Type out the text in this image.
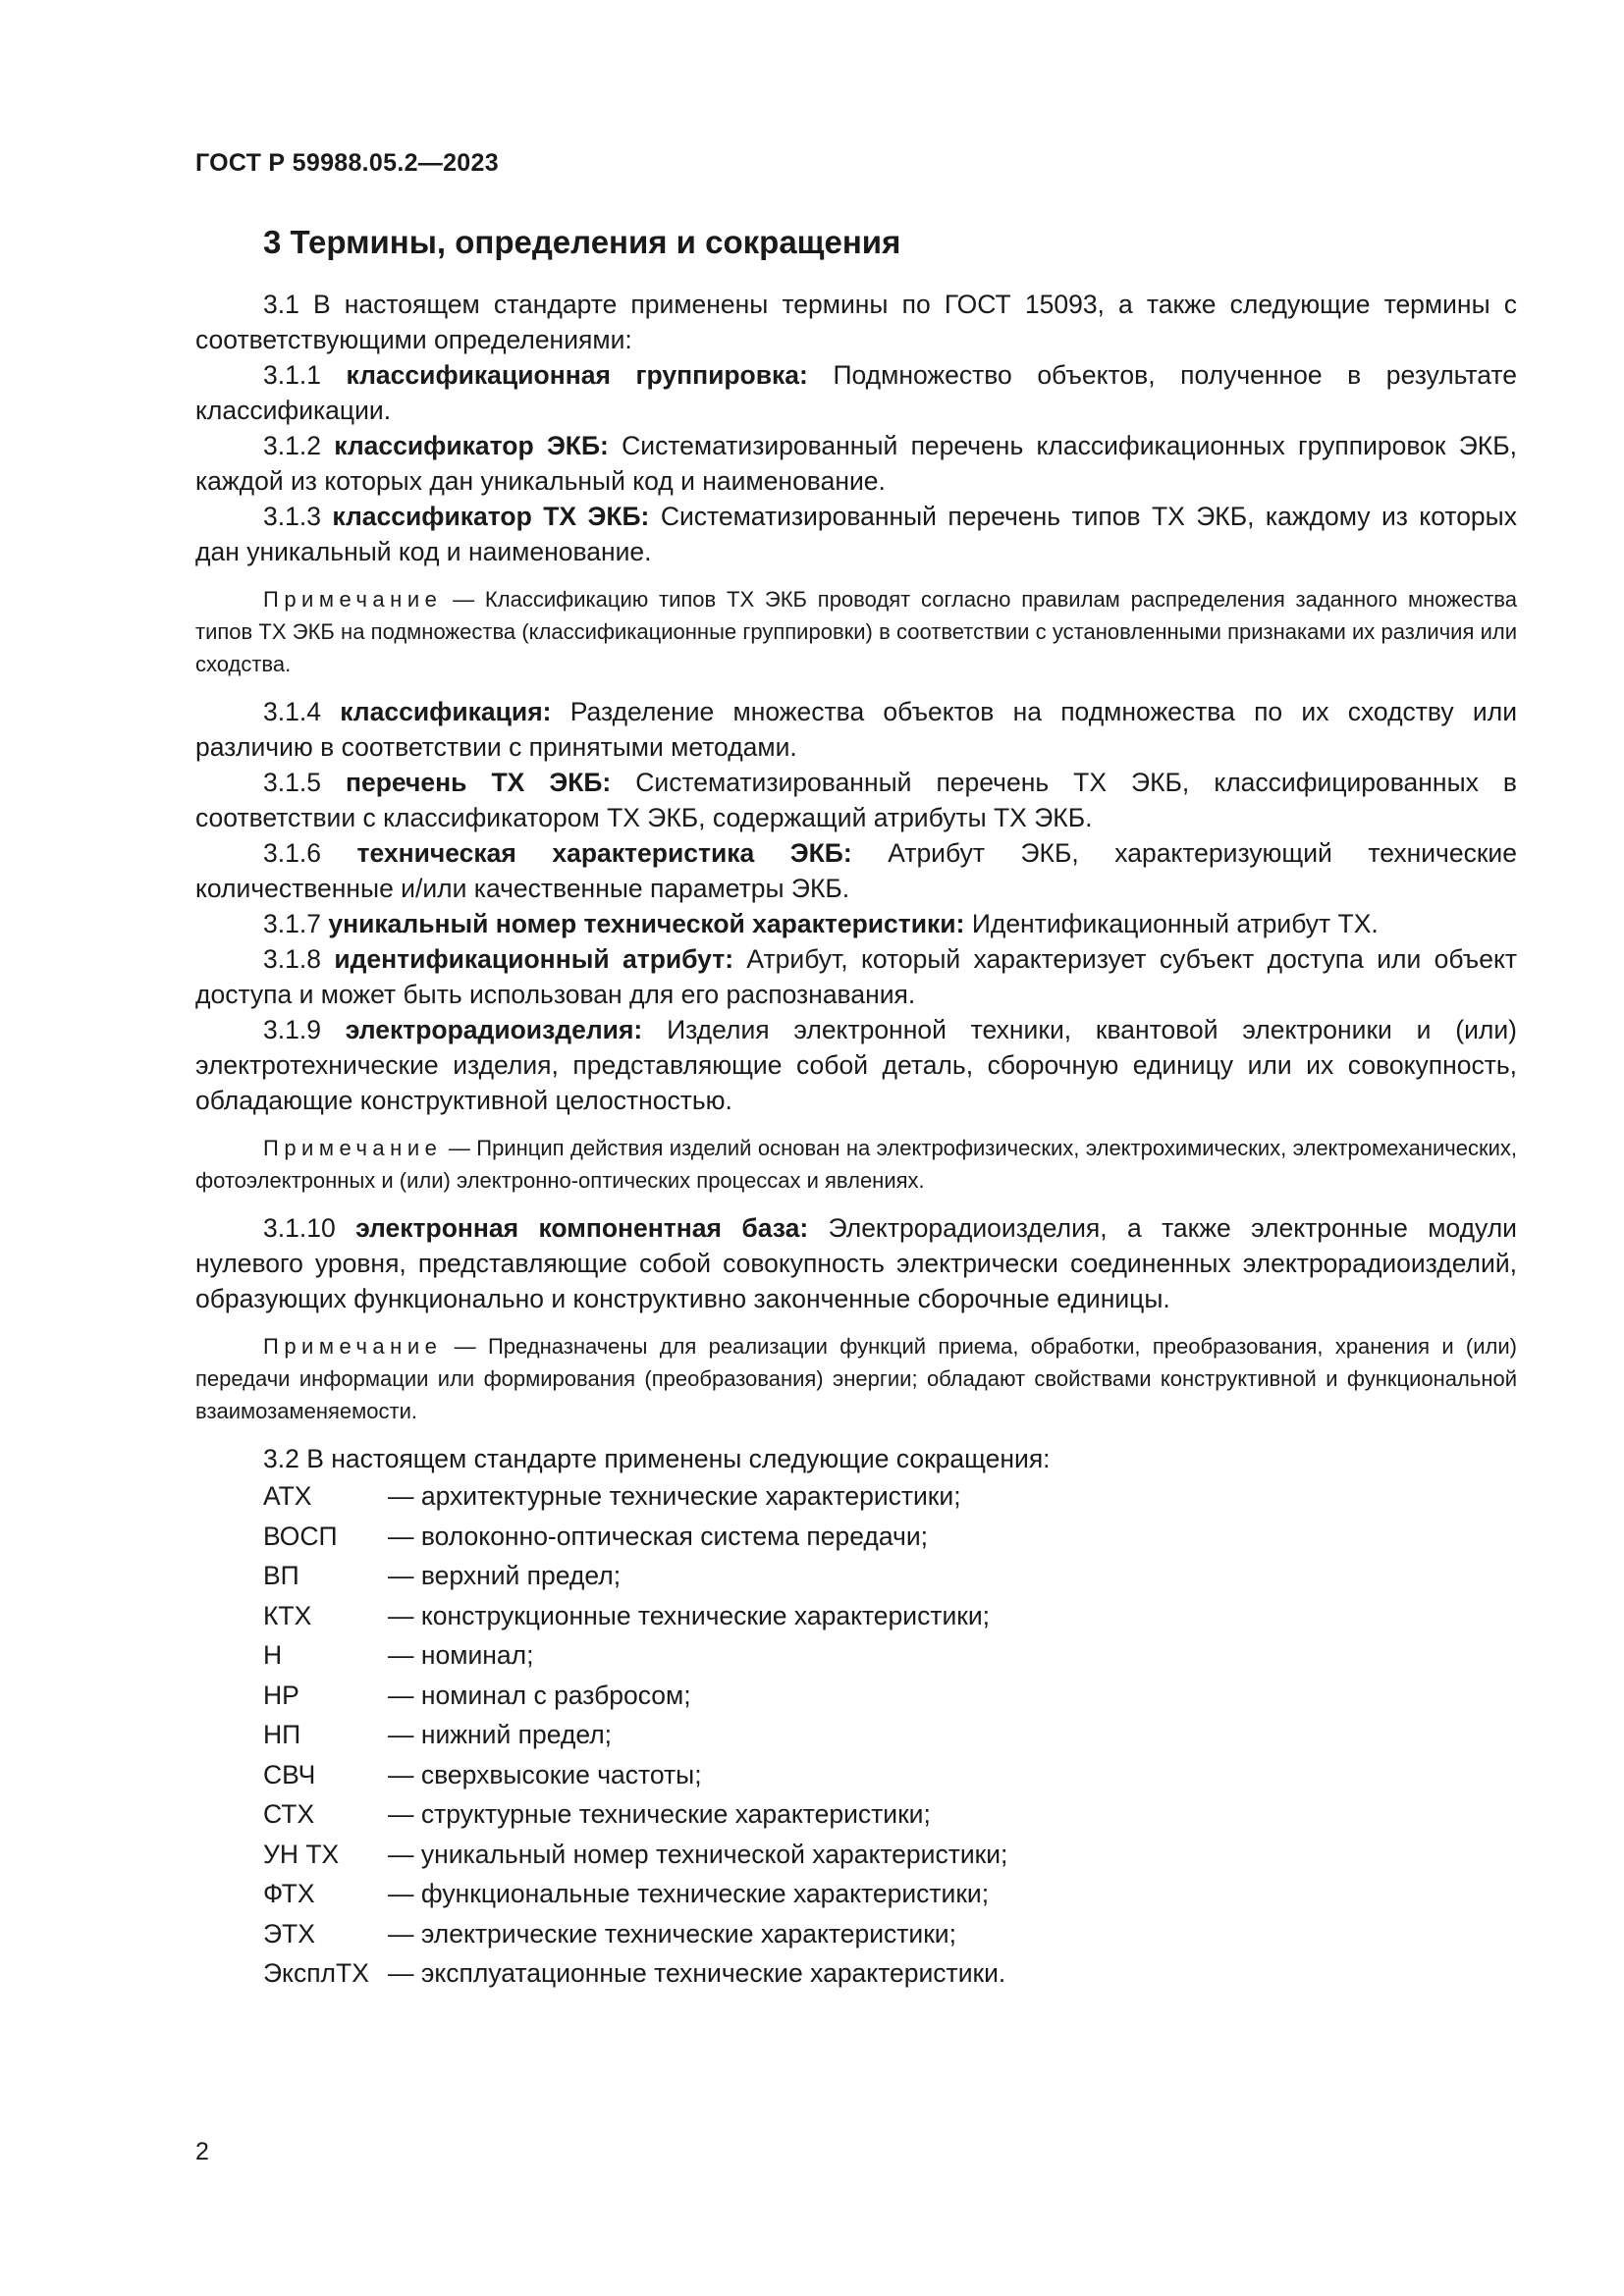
ГОСТ Р 59988.05.2—2023
3 Термины, определения и сокращения

3.1 В настоящем стандарте применены термины по ГОСТ 15093, а также следующие термины с соответствующими определениями:

3.1.1 классификационная группировка: Подмножество объектов, полученное в результате классификации.

3.1.2 классификатор ЭКБ: Систематизированный перечень классификационных группировок ЭКБ, каждой из которых дан уникальный код и наименование.

3.1.3 классификатор ТХ ЭКБ: Систематизированный перечень типов ТХ ЭКБ, каждому из которых дан уникальный код и наименование.

Примечание — Классификацию типов ТХ ЭКБ проводят согласно правилам распределения заданного множества типов ТХ ЭКБ на подмножества (классификационные группировки) в соответствии с установленными признаками их различия или сходства.

3.1.4 классификация: Разделение множества объектов на подмножества по их сходству или различию в соответствии с принятыми методами.

3.1.5 перечень ТХ ЭКБ: Систематизированный перечень ТХ ЭКБ, классифицированных в соответствии с классификатором ТХ ЭКБ, содержащий атрибуты ТХ ЭКБ.

3.1.6 техническая характеристика ЭКБ: Атрибут ЭКБ, характеризующий технические количественные и/или качественные параметры ЭКБ.

3.1.7 уникальный номер технической характеристики: Идентификационный атрибут ТХ.

3.1.8 идентификационный атрибут: Атрибут, который характеризует субъект доступа или объект доступа и может быть использован для его распознавания.

3.1.9 электрорадиоизделия: Изделия электронной техники, квантовой электроники и (или) электротехнические изделия, представляющие собой деталь, сборочную единицу или их совокупность, обладающие конструктивной целостностью.

Примечание — Принцип действия изделий основан на электрофизических, электрохимических, электромеханических, фотоэлектронных и (или) электронно-оптических процессах и явлениях.

3.1.10 электронная компонентная база: Электрорадиоизделия, а также электронные модули нулевого уровня, представляющие собой совокупность электрически соединенных электрорадиоизделий, образующих функционально и конструктивно законченные сборочные единицы.

Примечание — Предназначены для реализации функций приема, обработки, преобразования, хранения и (или) передачи информации или формирования (преобразования) энергии; обладают свойствами конструктивной и функциональной взаимозаменяемости.

3.2 В настоящем стандарте применены следующие сокращения:

АТХ	— архитектурные технические характеристики;
ВОСП	— волоконно-оптическая система передачи;
ВП	— верхний предел;
КТХ	— конструкционные технические характеристики;
Н	— номинал;
НР	— номинал с разбросом;
НП	— нижний предел;
СВЧ	— сверхвысокие частоты;
СТХ	— структурные технические характеристики;
УН ТХ	— уникальный номер технической характеристики;
ФТХ	— функциональные технические характеристики;
ЭТХ	— электрические технические характеристики;
ЭксплТХ — эксплуатационные технические характеристики.
2
